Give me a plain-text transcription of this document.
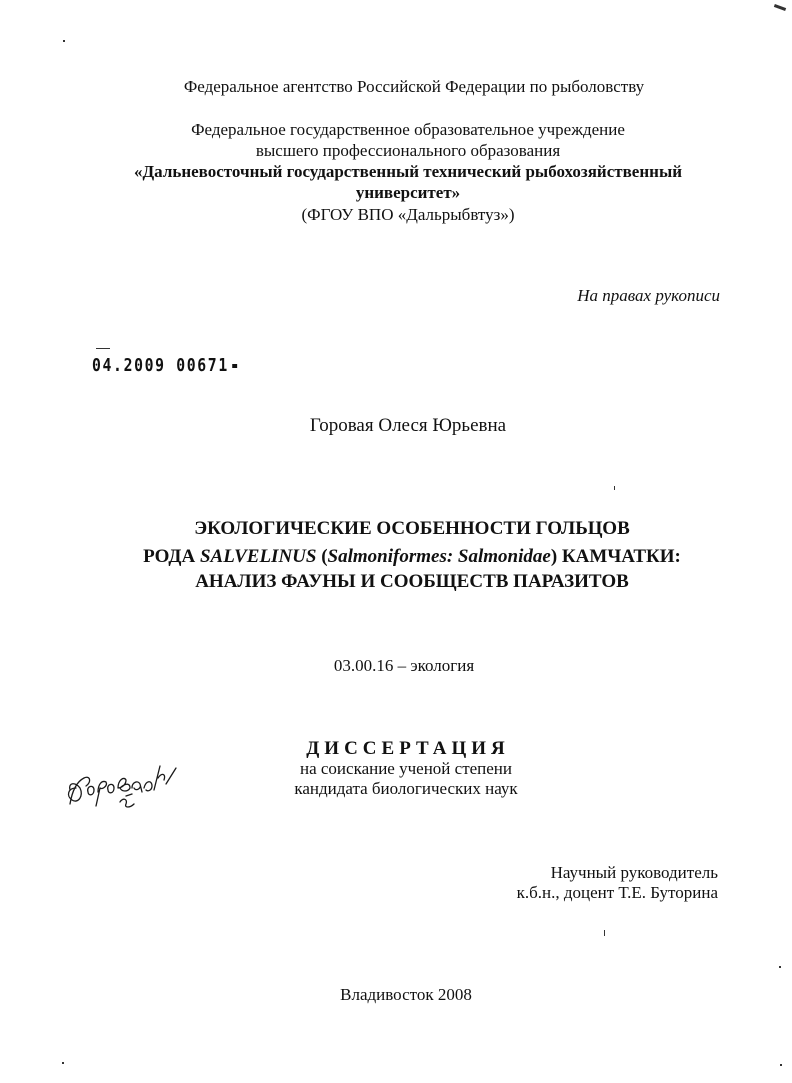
Федеральное агентство Российской Федерации по рыболовству
Федеральное государственное образовательное учреждение
высшего профессионального образования
«Дальневосточный государственный технический рыбохозяйственный
университет»
(ФГОУ ВПО «Дальрыбвтуз»)
На правах рукописи
04.2009 00671
Горовая Олеся Юрьевна
ЭКОЛОГИЧЕСКИЕ ОСОБЕННОСТИ ГОЛЬЦОВ
РОДА SALVELINUS (Salmoniformes: Salmonidae) КАМЧАТКИ:
АНАЛИЗ ФАУНЫ И СООБЩЕСТВ ПАРАЗИТОВ
03.00.16 – экология
ДИССЕРТАЦИЯ
на соискание ученой степени
кандидата биологических наук
Научный руководитель
к.б.н., доцент Т.Е. Буторина
Владивосток 2008
